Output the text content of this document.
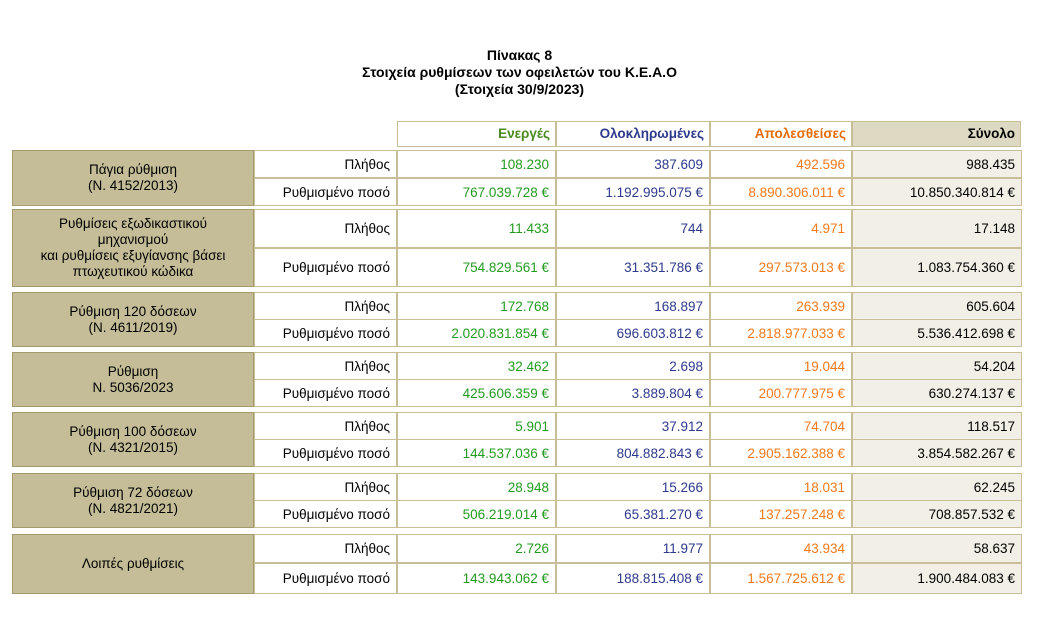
Πίνακας 8
Στοιχεία ρυθμίσεων των οφειλετών του Κ.Ε.Α.Ο
(Στοιχεία 30/9/2023)
Ενεργές	Ολοκληρωμένες	Απολεσθείσες	Σύνολο
Πάγια ρύθμιση
(Ν. 4152/2013)
Πλήθος	108.230	387.609	492.596	988.435
Ρυθμισμένο ποσό	767.039.728 €	1.192.995.075 €	8.890.306.011 €	10.850.340.814 €
Ρυθμίσεις εξωδικαστικού
μηχανισμού
και ρυθμίσεις εξυγίανσης βάσει
πτωχευτικού κώδικα
Πλήθος	11.433	744	4.971	17.148
Ρυθμισμένο ποσό	754.829.561 €	31.351.786 €	297.573.013 €	1.083.754.360 €
Ρύθμιση 120 δόσεων
(Ν. 4611/2019)
Πλήθος	172.768	168.897	263.939	605.604
Ρυθμισμένο ποσό	2.020.831.854 €	696.603.812 €	2.818.977.033 €	5.536.412.698 €
Ρύθμιση
Ν. 5036/2023
Πλήθος	32.462	2.698	19.044	54.204
Ρυθμισμένο ποσό	425.606.359 €	3.889.804 €	200.777.975 €	630.274.137 €
Ρύθμιση 100 δόσεων
(Ν. 4321/2015)
Πλήθος	5.901	37.912	74.704	118.517
Ρυθμισμένο ποσό	144.537.036 €	804.882.843 €	2.905.162.388 €	3.854.582.267 €
Ρύθμιση 72 δόσεων
(Ν. 4821/2021)
Πλήθος	28.948	15.266	18.031	62.245
Ρυθμισμένο ποσό	506.219.014 €	65.381.270 €	137.257.248 €	708.857.532 €
Λοιπές ρυθμίσεις
Πλήθος	2.726	11.977	43.934	58.637
Ρυθμισμένο ποσό	143.943.062 €	188.815.408 €	1.567.725.612 €	1.900.484.083 €
